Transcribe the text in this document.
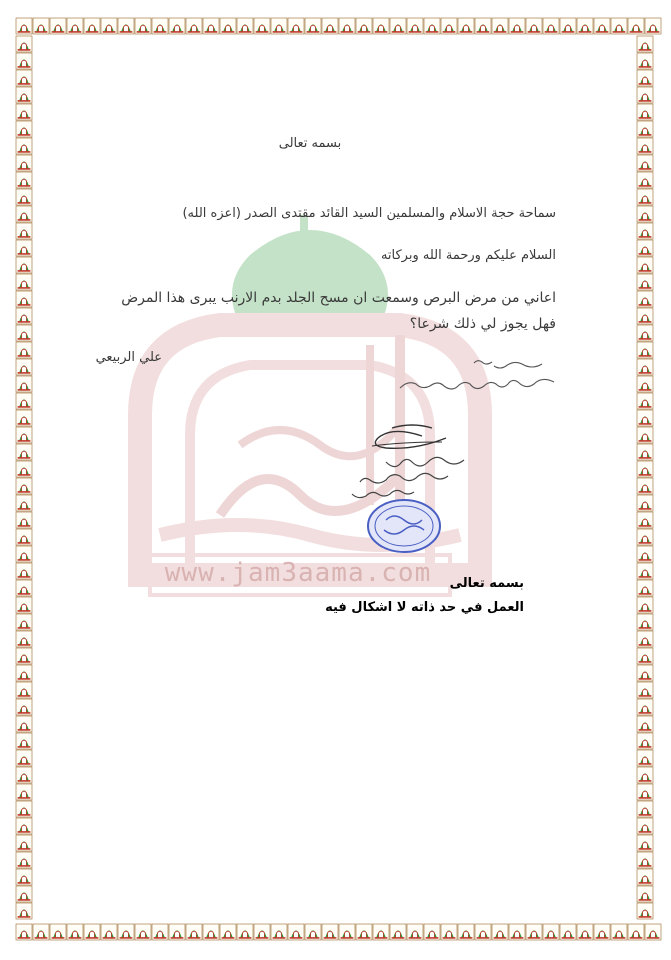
www.jam3aama.com
بسمه تعالى
سماحة حجة الاسلام والمسلمين السيد القائد مقتدى الصدر (اعزه الله)
السلام عليكم ورحمة الله وبركاته
اعاني من مرض البرص وسمعت ان مسح الجلد بدم الارنب يبرى هذا المرض
فهل يجوز لي ذلك شرعا؟
علي الربيعي
بسمه تعالى
العمل في حد ذاته لا اشكال فيه
